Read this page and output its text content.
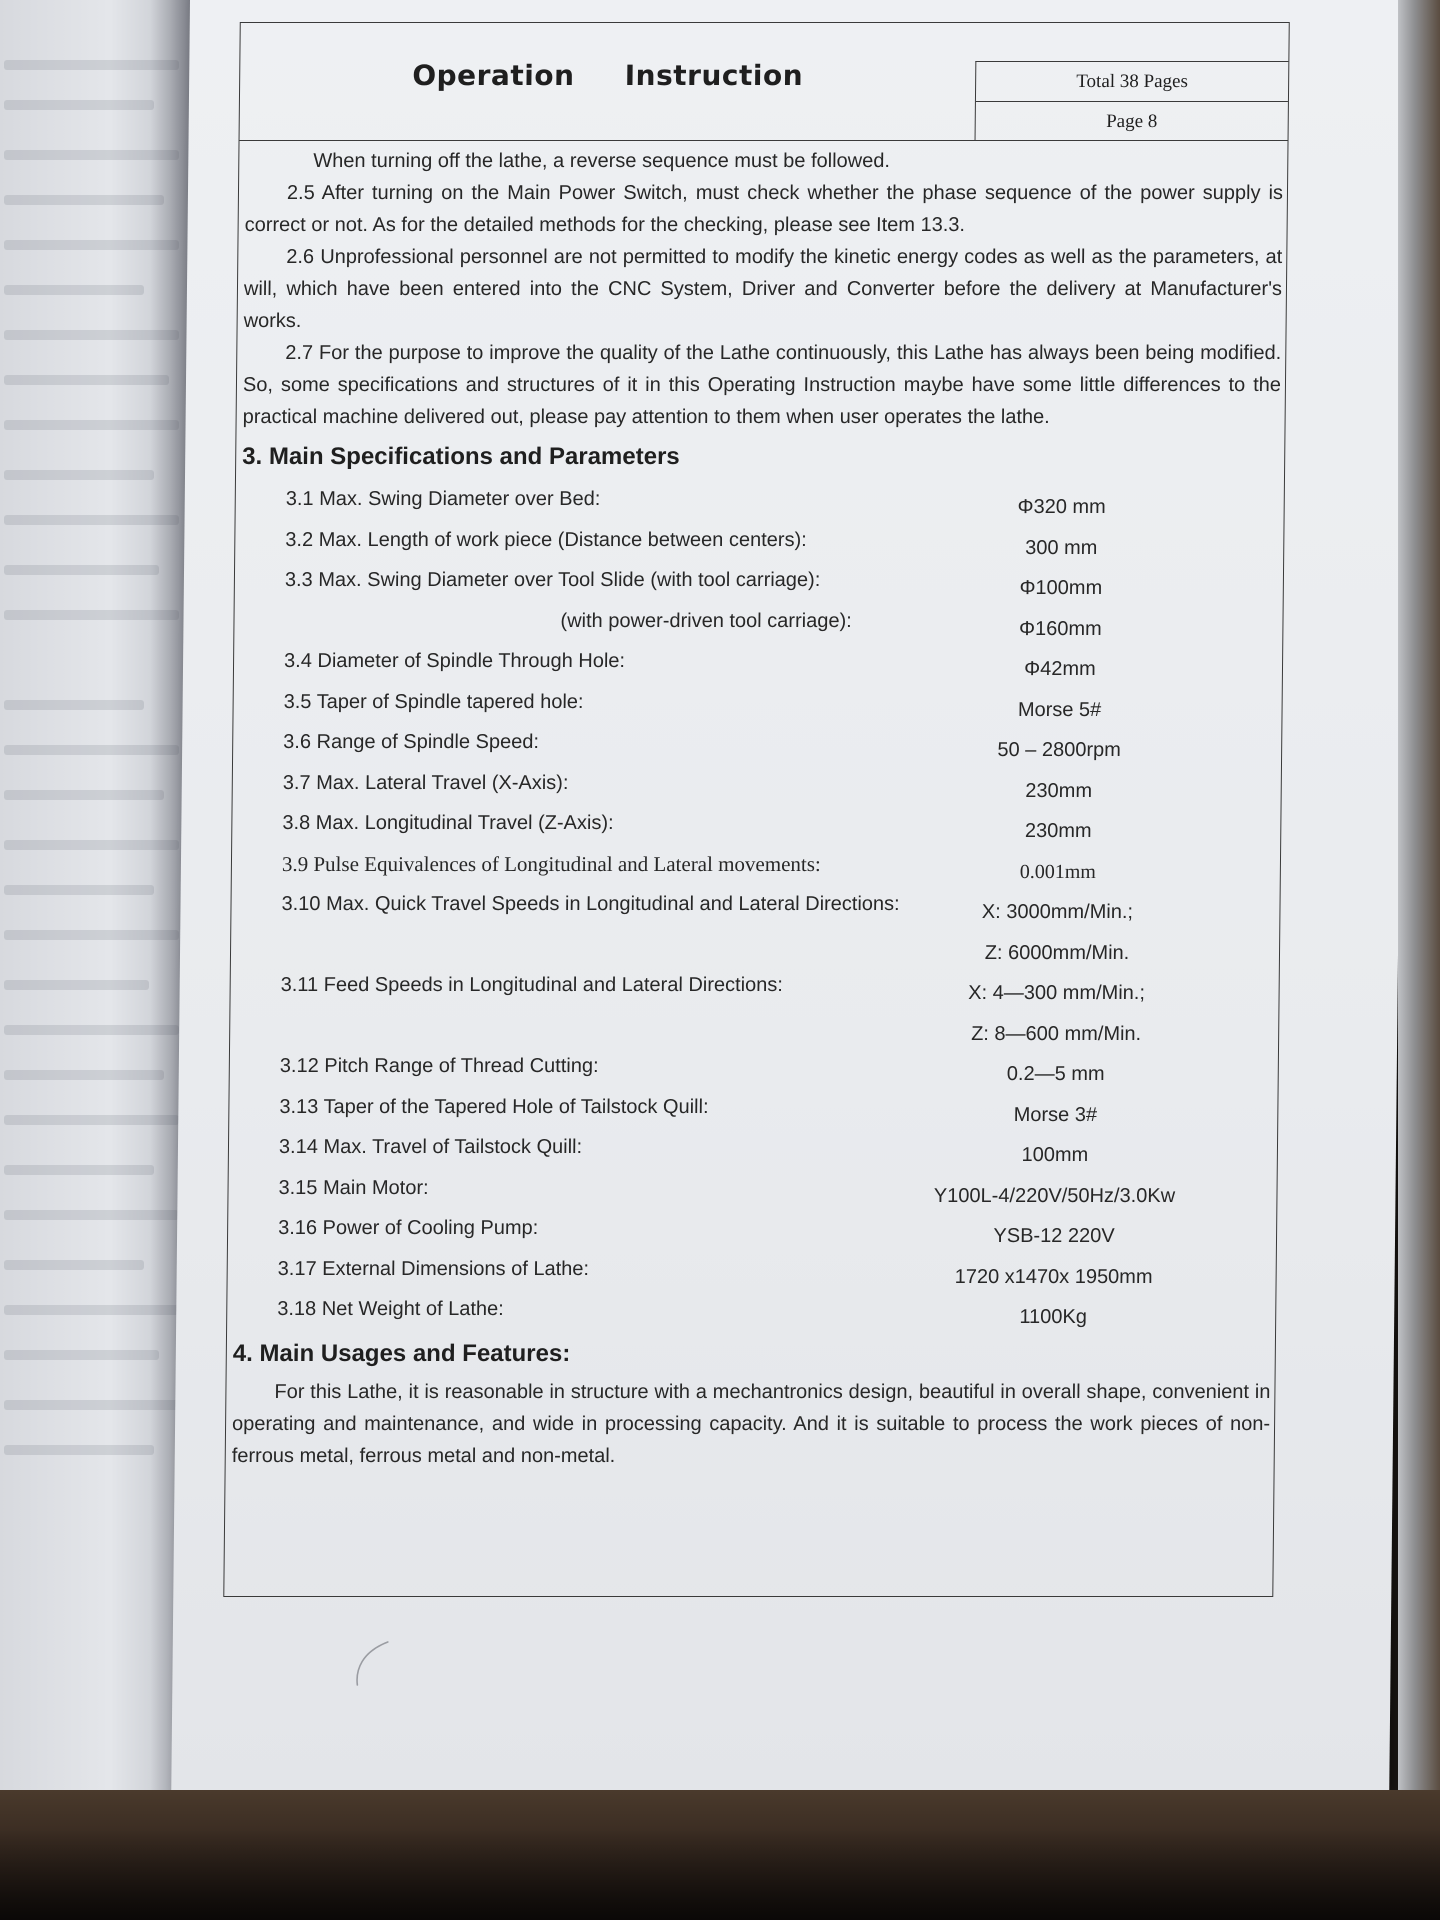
Operation Instruction	Total 38 Pages
Page 8

When turning off the lathe, a reverse sequence must be followed.

2.5 After turning on the Main Power Switch, must check whether the phase sequence of the power supply is correct or not. As for the detailed methods for the checking, please see Item 13.3.

2.6 Unprofessional personnel are not permitted to modify the kinetic energy codes as well as the parameters, at will, which have been entered into the CNC System, Driver and Converter before the delivery at Manufacturer's works.

2.7 For the purpose to improve the quality of the Lathe continuously, this Lathe has always been being modified. So, some specifications and structures of it in this Operating Instruction maybe have some little differences to the practical machine delivered out, please pay attention to them when user operates the lathe.

3. Main Specifications and Parameters
3.1 Max. Swing Diameter over Bed:	Φ320 mm
3.2 Max. Length of work piece (Distance between centers):	300 mm
3.3 Max. Swing Diameter over Tool Slide (with tool carriage):	Φ100mm
(with power-driven tool carriage):	Φ160mm
3.4 Diameter of Spindle Through Hole:	Φ42mm
3.5 Taper of Spindle tapered hole:	Morse 5#
3.6 Range of Spindle Speed:	50 – 2800rpm
3.7 Max. Lateral Travel (X-Axis):	230mm
3.8 Max. Longitudinal Travel (Z-Axis):	230mm
3.9 Pulse Equivalences of Longitudinal and Lateral movements:	0.001mm
3.10 Max. Quick Travel Speeds in Longitudinal and Lateral Directions:	X: 3000mm/Min.;
Z: 6000mm/Min.
3.11 Feed Speeds in Longitudinal and Lateral Directions:	X: 4—300 mm/Min.;
Z: 8—600 mm/Min.
3.12 Pitch Range of Thread Cutting:	0.2—5 mm
3.13 Taper of the Tapered Hole of Tailstock Quill:	Morse 3#
3.14 Max. Travel of Tailstock Quill:	100mm
3.15 Main Motor:	Y100L-4/220V/50Hz/3.0Kw
3.16 Power of Cooling Pump:	YSB-12 220V
3.17 External Dimensions of Lathe:	1720 x1470x 1950mm
3.18 Net Weight of Lathe:	1100Kg
4. Main Usages and Features:

For this Lathe, it is reasonable in structure with a mechantronics design, beautiful in overall shape, convenient in operating and maintenance, and wide in processing capacity. And it is suitable to process the work pieces of non-ferrous metal, ferrous metal and non-metal.
